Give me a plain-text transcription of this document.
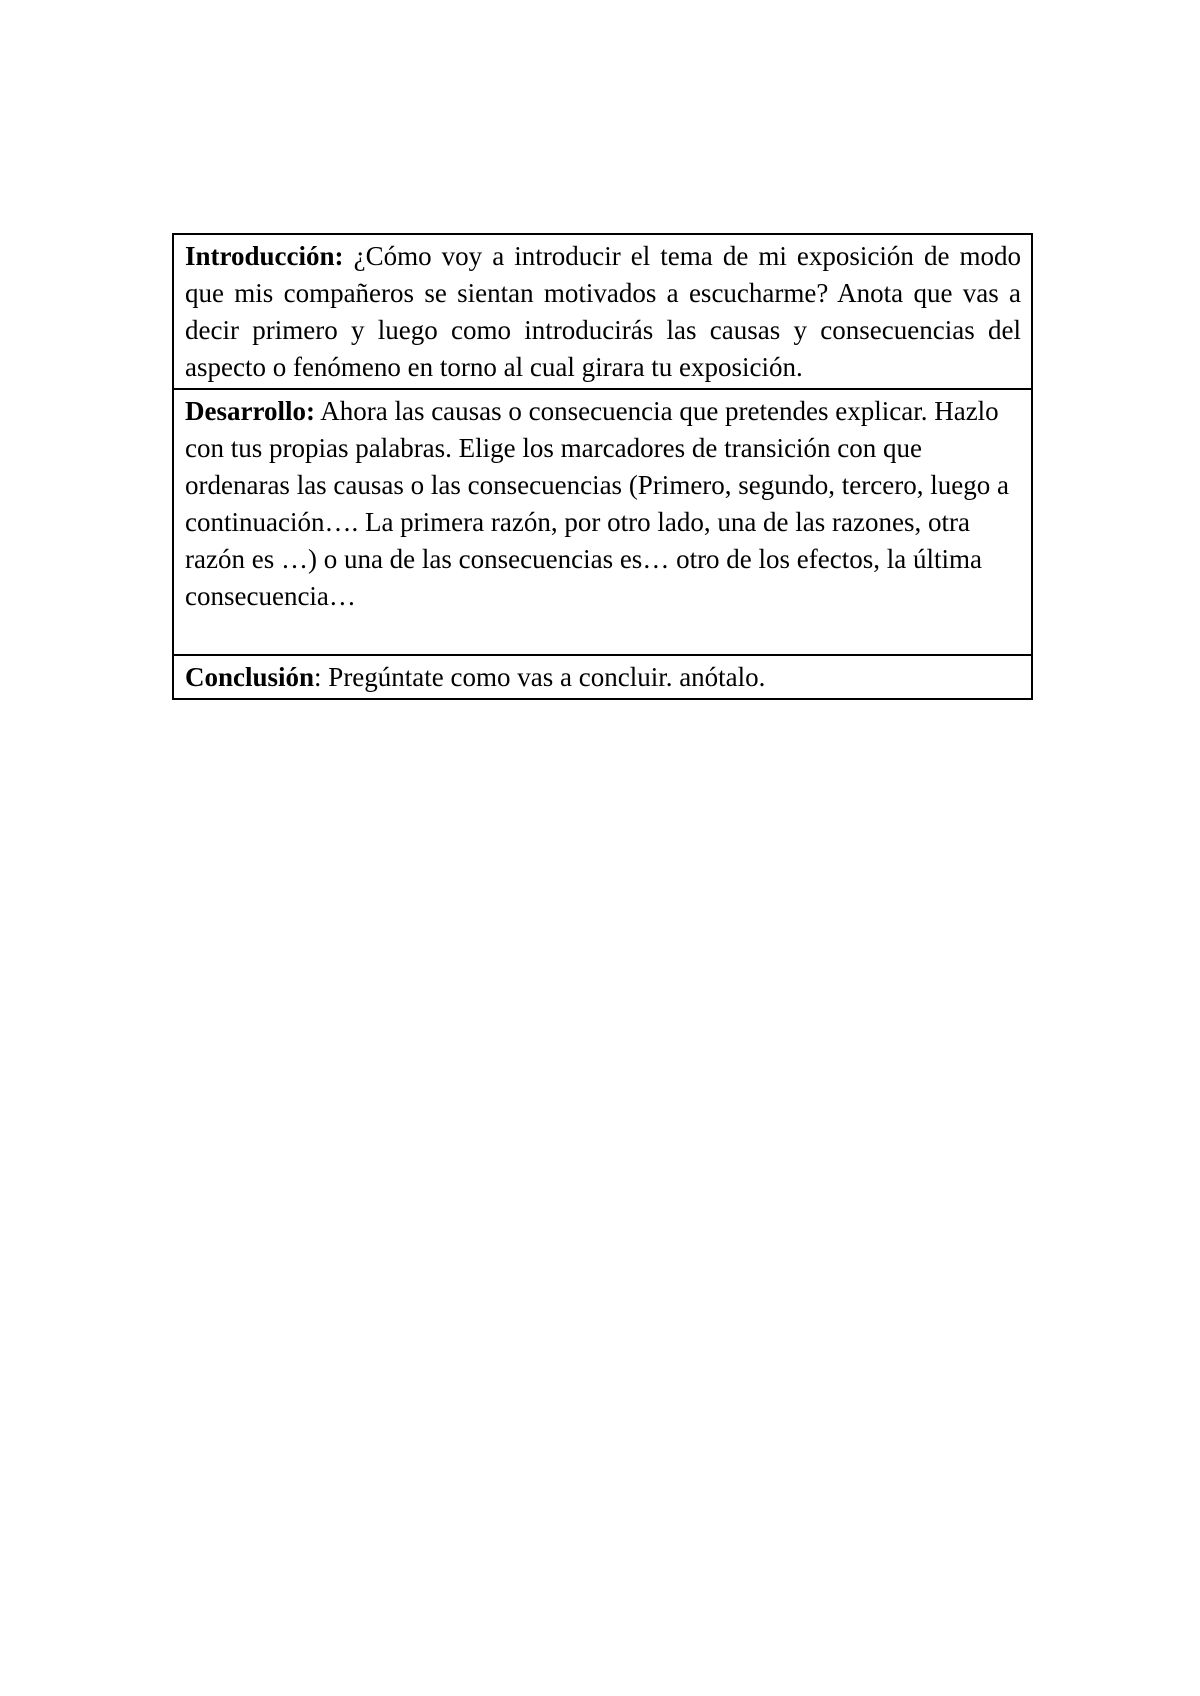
Introducción: ¿Cómo voy a introducir el tema de mi exposición de modo que mis compañeros se sientan motivados a escucharme? Anota que vas a decir primero y luego como introducirás las causas y consecuencias del aspecto o fenómeno en torno al cual girara tu exposición.

Desarrollo: Ahora las causas o consecuencia que pretendes explicar. Hazlo con tus propias palabras. Elige los marcadores de transición con que ordenaras las causas o las consecuencias (Primero, segundo, tercero, luego a continuación…. La primera razón, por otro lado, una de las razones, otra razón es …) o una de las consecuencias es… otro de los efectos, la última consecuencia…

Conclusión: Pregúntate como vas a concluir. anótalo.
